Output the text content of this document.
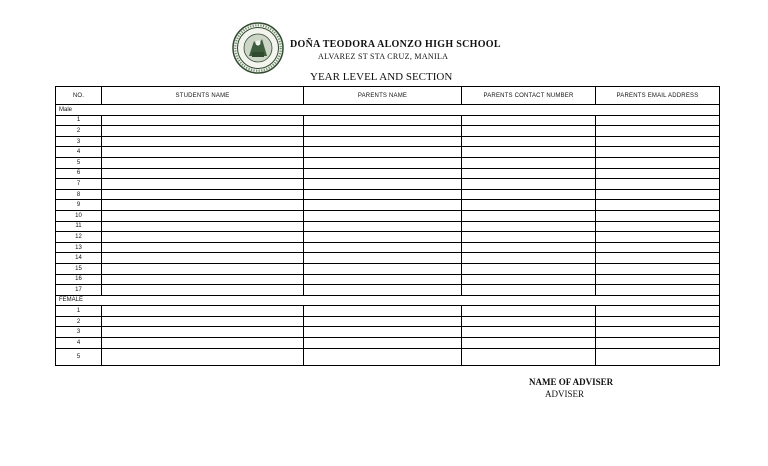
DOÑA TEODORA ALONZO HIGH SCHOOL
ALVAREZ ST STA CRUZ, MANILA
YEAR LEVEL AND SECTION
NO.	STUDENTS NAME	PARENTS NAME	PARENTS CONTACT NUMBER	PARENTS EMAIL ADDRESS
Male				
1				
2				
3				
4				
5				
6				
7				
8				
9				
10				
11				
12				
13				
14				
15				
16				
17				
FEMALE				
1				
2				
3				
4				
5				
NAME OF ADVISER
ADVISER
